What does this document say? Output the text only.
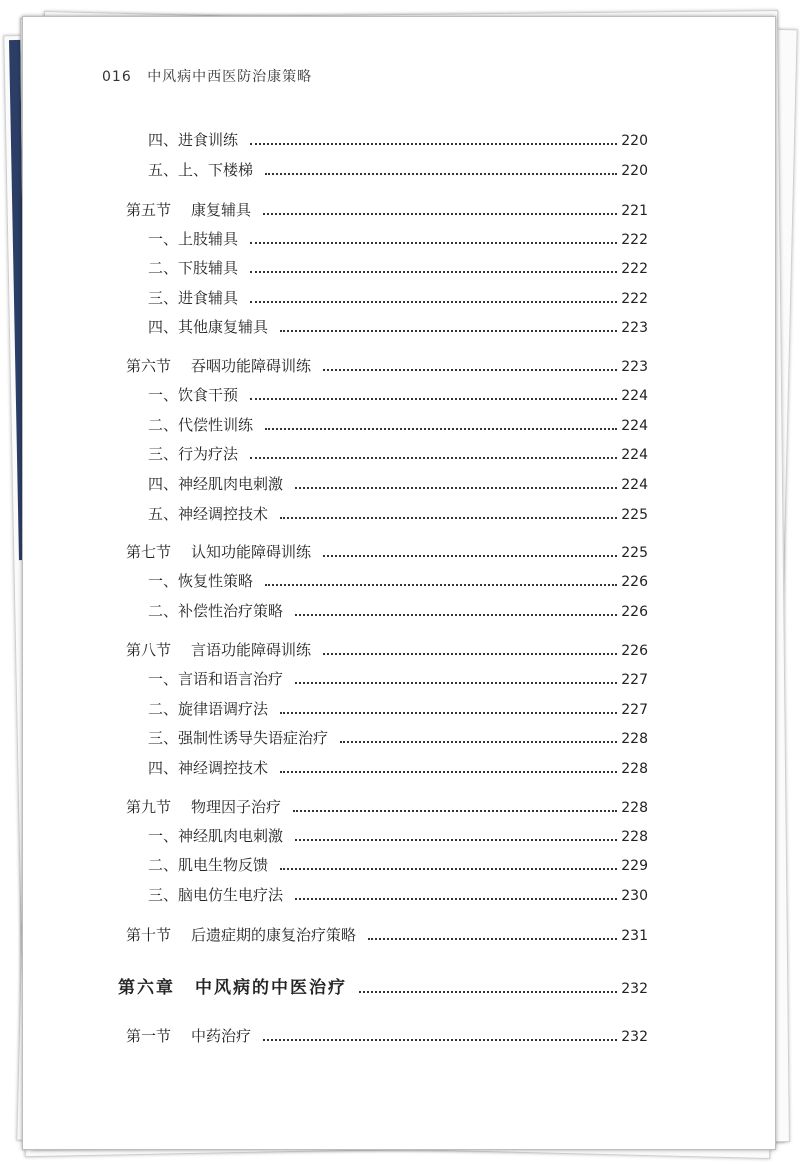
016 中风病中西医防治康策略
四、进食训练	220
五、上、下楼梯	220
第五节 康复辅具	221
一、上肢辅具	222
二、下肢辅具	222
三、进食辅具	222
四、其他康复辅具	223
第六节 吞咽功能障碍训练	223
一、饮食干预	224
二、代偿性训练	224
三、行为疗法	224
四、神经肌肉电刺激	224
五、神经调控技术	225
第七节 认知功能障碍训练	225
一、恢复性策略	226
二、补偿性治疗策略	226
第八节 言语功能障碍训练	226
一、言语和语言治疗	227
二、旋律语调疗法	227
三、强制性诱导失语症治疗	228
四、神经调控技术	228
第九节 物理因子治疗	228
一、神经肌肉电刺激	228
二、肌电生物反馈	229
三、脑电仿生电疗法	230
第十节 后遗症期的康复治疗策略	231
第六章 中风病的中医治疗	232
第一节 中药治疗	232
